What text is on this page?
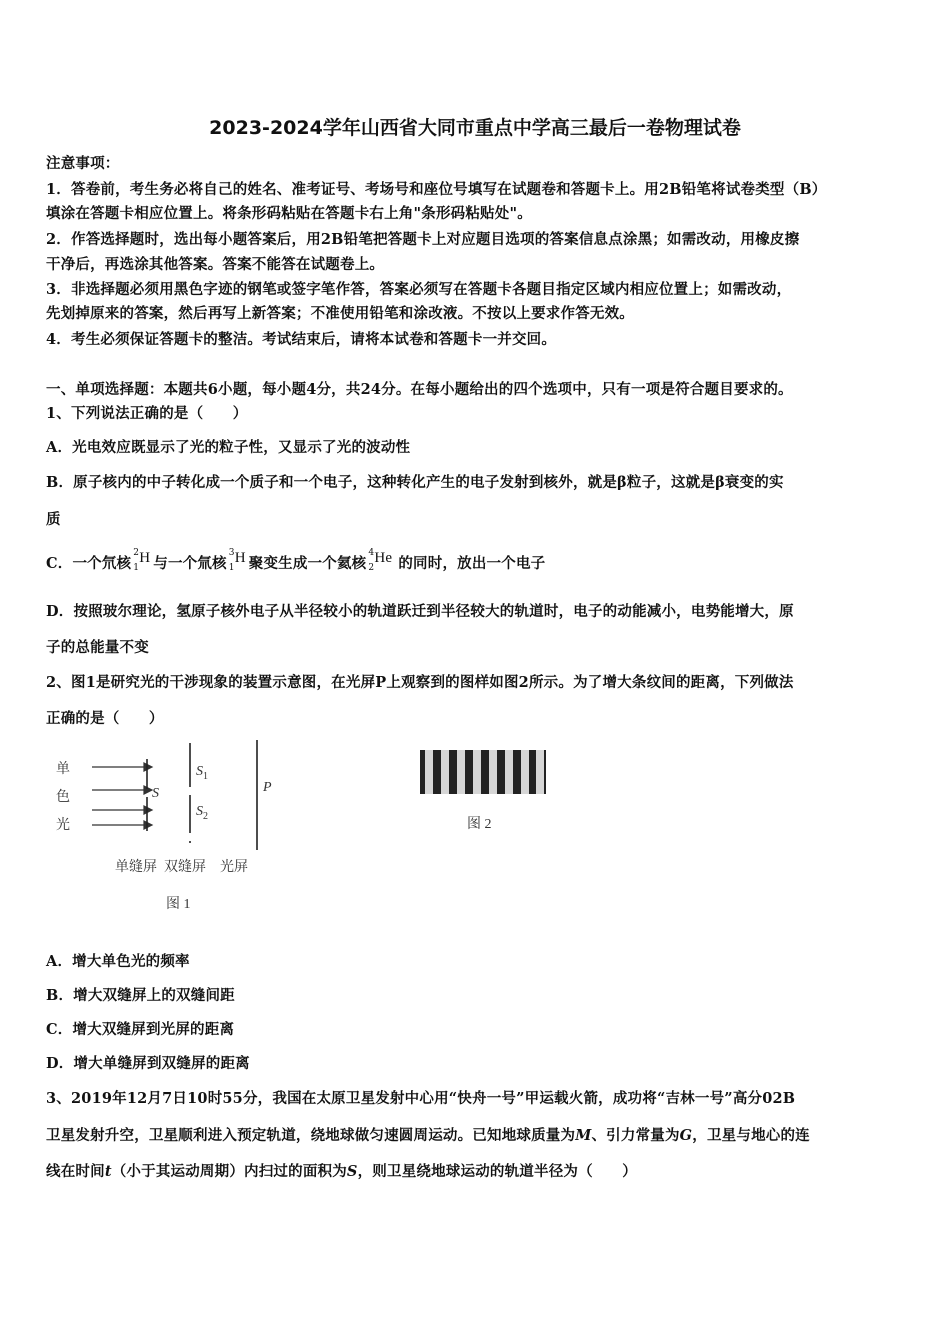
2023-2024学年山西省大同市重点中学高三最后一卷物理试卷
注意事项：
1．答卷前，考生务必将自己的姓名、准考证号、考场号和座位号填写在试题卷和答题卡上。用2B铅笔将试卷类型（B）
填涂在答题卡相应位置上。将条形码粘贴在答题卡右上角"条形码粘贴处"。
2．作答选择题时，选出每小题答案后，用2B铅笔把答题卡上对应题目选项的答案信息点涂黑；如需改动，用橡皮擦
干净后，再选涂其他答案。答案不能答在试题卷上。
3．非选择题必须用黑色字迹的钢笔或签字笔作答，答案必须写在答题卡各题目指定区域内相应位置上；如需改动，
先划掉原来的答案，然后再写上新答案；不准使用铅笔和涂改液。不按以上要求作答无效。
4．考生必须保证答题卡的整洁。考试结束后，请将本试卷和答题卡一并交回。
一、单项选择题：本题共6小题，每小题4分，共24分。在每小题给出的四个选项中，只有一项是符合题目要求的。
1、下列说法正确的是（　　）
A．光电效应既显示了光的粒子性，又显示了光的波动性
B．原子核内的中子转化成一个质子和一个电子，这种转化产生的电子发射到核外，就是β粒子，这就是β衰变的实
质
C．一个氘核
2
1
H 与一个氚核
3
1
H 聚变生成一个氦核
4
2
He 的同时，放出一个电子
D．按照玻尔理论，氢原子核外电子从半径较小的轨道跃迁到半径较大的轨道时，电子的动能减小，电势能增大，原
子的总能量不变
2、图1是研究光的干涉现象的装置示意图，在光屏P上观察到的图样如图2所示。为了增大条纹间的距离，下列做法
正确的是（　　）
单
色
光
S
$S_1$
$S_2$
P
单缝屏  双缝屏    光屏
图 1
图 2
A．增大单色光的频率
B．增大双缝屏上的双缝间距
C．增大双缝屏到光屏的距离
D．增大单缝屏到双缝屏的距离
3、2019年12月7日10时55分，我国在太原卫星发射中心用“快舟一号”甲运载火箭，成功将“吉林一号”高分02B
卫星发射升空，卫星顺利进入预定轨道，绕地球做匀速圆周运动。已知地球质量为M、引力常量为G，卫星与地心的连
线在时间t（小于其运动周期）内扫过的面积为S，则卫星绕地球运动的轨道半径为（　　）
